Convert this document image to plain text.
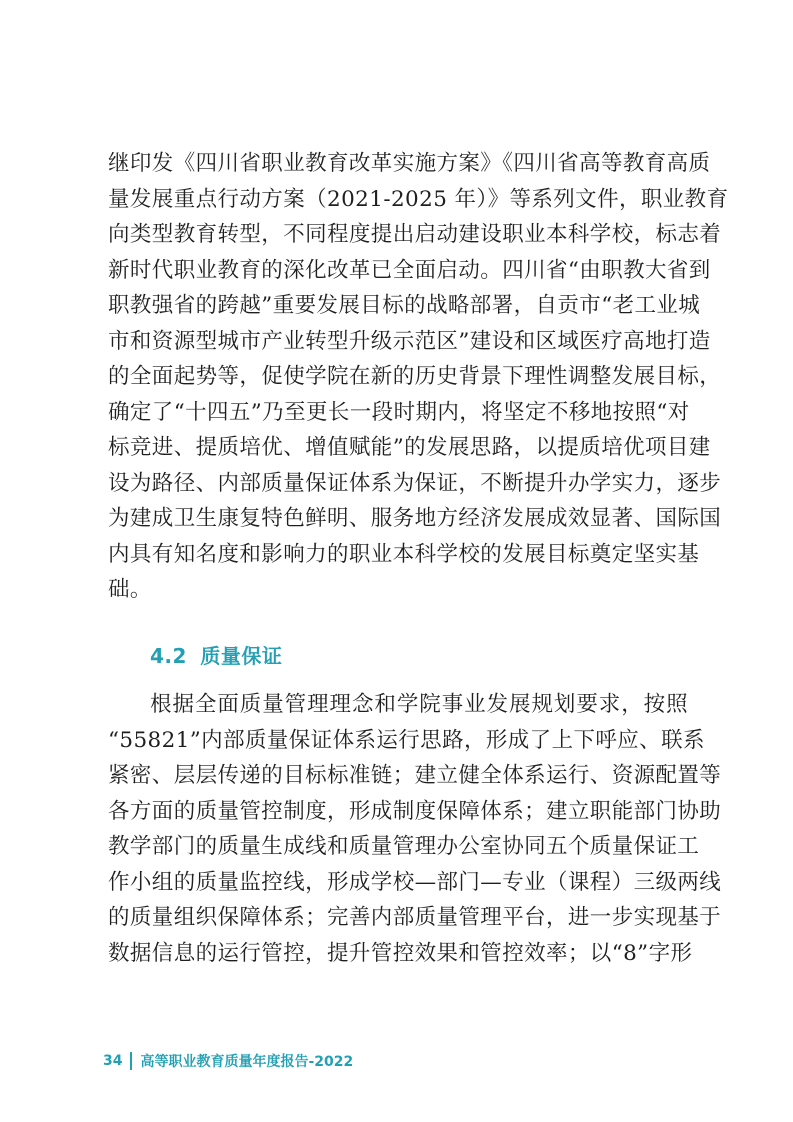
继印发《四川省职业教育改革实施方案》《四川省高等教育高质
量发展重点行动方案（2021-2025 年）》等系列文件，职业教育
向类型教育转型，不同程度提出启动建设职业本科学校，标志着
新时代职业教育的深化改革已全面启动。四川省“由职教大省到
职教强省的跨越”重要发展目标的战略部署，自贡市“老工业城
市和资源型城市产业转型升级示范区”建设和区域医疗高地打造
的全面起势等，促使学院在新的历史背景下理性调整发展目标，
确定了“十四五”乃至更长一段时期内，将坚定不移地按照“对
标竞进、提质培优、增值赋能”的发展思路，以提质培优项目建
设为路径、内部质量保证体系为保证，不断提升办学实力，逐步
为建成卫生康复特色鲜明、服务地方经济发展成效显著、国际国
内具有知名度和影响力的职业本科学校的发展目标奠定坚实基
础。
4.2 质量保证
根据全面质量管理理念和学院事业发展规划要求，按照
“55821”内部质量保证体系运行思路，形成了上下呼应、联系
紧密、层层传递的目标标准链；建立健全体系运行、资源配置等
各方面的质量管控制度，形成制度保障体系；建立职能部门协助
教学部门的质量生成线和质量管理办公室协同五个质量保证工
作小组的质量监控线，形成学校—部门—专业（课程）三级两线
的质量组织保障体系；完善内部质量管理平台，进一步实现基于
数据信息的运行管控，提升管控效果和管控效率；以“8”字形
34 高等职业教育质量年度报告-2022
